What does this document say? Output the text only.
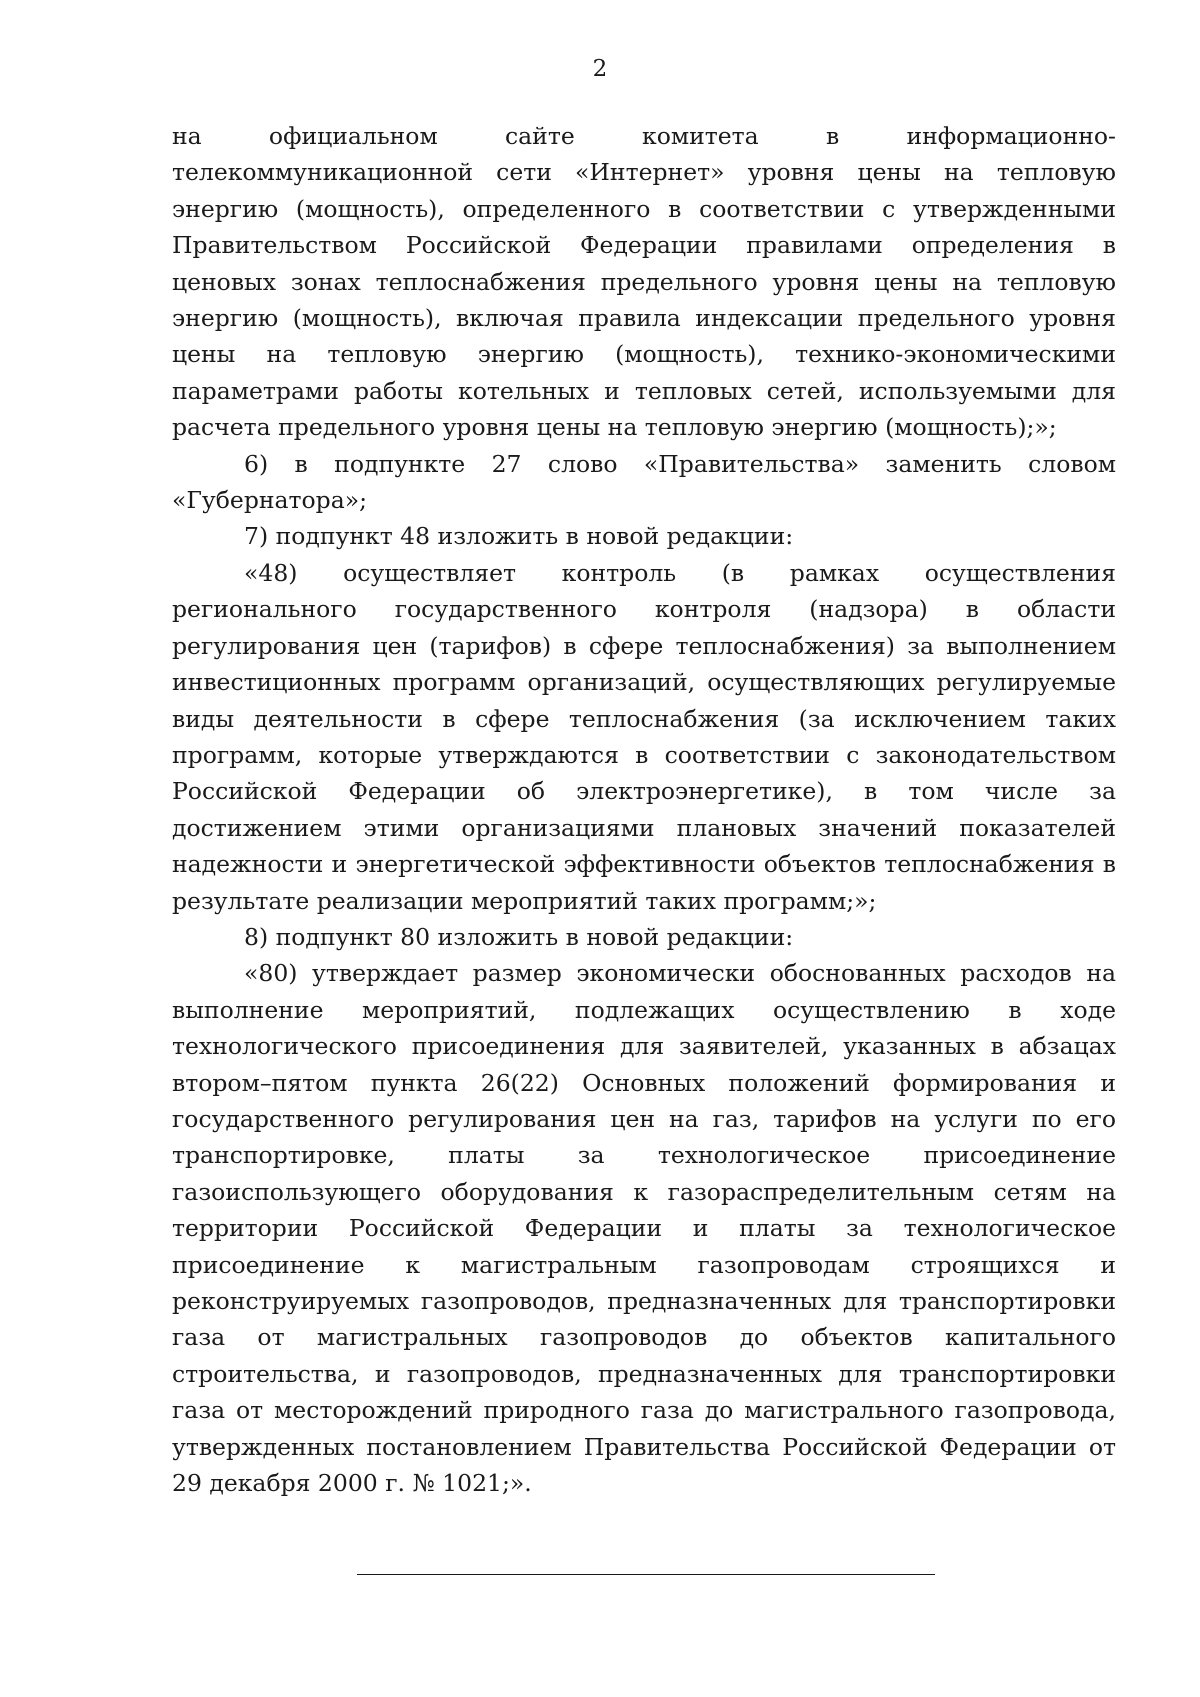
2

на официальном сайте комитета в информационно-телекоммуникационной сети «Интернет» уровня цены на тепловую энергию (мощность), определенного в соответствии с утвержденными Правительством Российской Федерации правилами определения в ценовых зонах теплоснабжения предельного уровня цены на тепловую энергию (мощность), включая правила индексации предельного уровня цены на тепловую энергию (мощность), технико-экономическими параметрами работы котельных и тепловых сетей, используемыми для расчета предельного уровня цены на тепловую энергию (мощность);»;

6) в подпункте 27 слово «Правительства» заменить словом «Губернатора»;

7) подпункт 48 изложить в новой редакции:

«48) осуществляет контроль (в рамках осуществления регионального государственного контроля (надзора) в области регулирования цен (тарифов) в сфере теплоснабжения) за выполнением инвестиционных программ организаций, осуществляющих регулируемые виды деятельности в сфере теплоснабжения (за исключением таких программ, которые утверждаются в соответствии с законодательством Российской Федерации об электроэнергетике), в том числе за достижением этими организациями плановых значений показателей надежности и энергетической эффективности объектов теплоснабжения в результате реализации мероприятий таких программ;»;

8) подпункт 80 изложить в новой редакции:

«80) утверждает размер экономически обоснованных расходов на выполнение мероприятий, подлежащих осуществлению в ходе технологического присоединения для заявителей, указанных в абзацах втором–пятом пункта 26(22) Основных положений формирования и государственного регулирования цен на газ, тарифов на услуги по его транспортировке, платы за технологическое присоединение газоиспользующего оборудования к газораспределительным сетям на территории Российской Федерации и платы за технологическое присоединение к магистральным газопроводам строящихся и реконструируемых газопроводов, предназначенных для транспортировки газа от магистральных газопроводов до объектов капитального строительства, и газопроводов, предназначенных для транспортировки газа от месторождений природного газа до магистрального газопровода, утвержденных постановлением Правительства Российской Федерации от 29 декабря 2000 г. № 1021;».
